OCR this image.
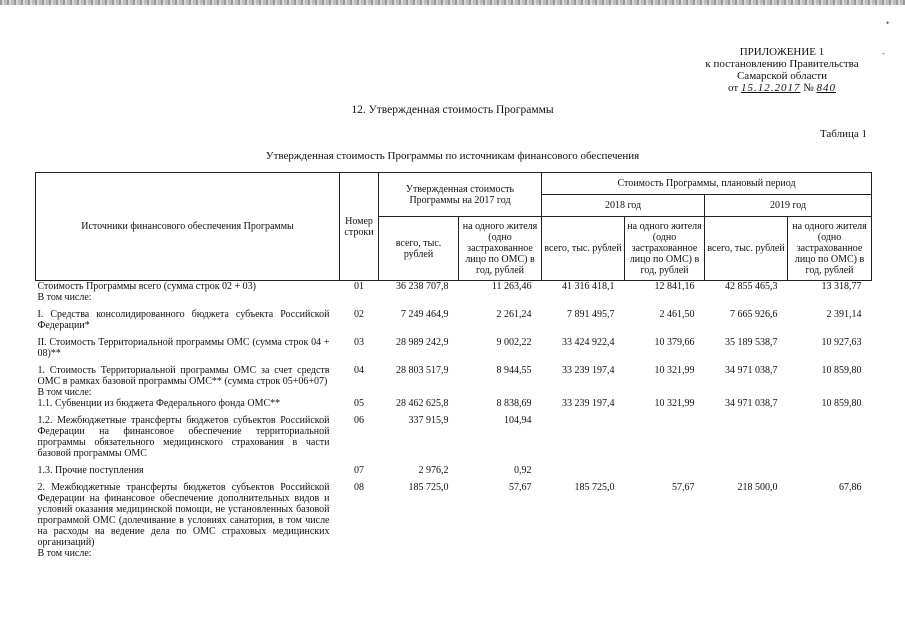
•
-
ПРИЛОЖЕНИЕ 1
к постановлению Правительства
Самарской области
от 15.12.2017 № 840
12. Утвержденная стоимость Программы
Таблица 1
Утвержденная стоимость Программы по источникам финансового обеспечения
Источники финансового обеспечения Программы	Номер строки	Утвержденная стоимость Программы на 2017 год		Стоимость Программы, плановый период			
				2018 год		2019 год	
		всего, тыс. рублей	на одного жителя (одно застрахованное лицо по ОМС) в год, рублей	всего, тыс. рублей	на одного жителя (одно застрахованное лицо по ОМС) в год, рублей	всего, тыс. рублей	на одного жителя (одно застрахованное лицо по ОМС) в год, рублей
Стоимость Программы всего (сумма строк 02 + 03)
В том числе:	01	36 238 707,8	11 263,46	41 316 418,1	12 841,16	42 855 465,3	13 318,77
I. Средства консолидированного бюджета субъекта Российской Федерации*	02	7 249 464,9	2 261,24	7 891 495,7	2 461,50	7 665 926,6	2 391,14
II. Стоимость Территориальной программы ОМС (сумма строк 04 + 08)**	03	28 989 242,9	9 002,22	33 424 922,4	10 379,66	35 189 538,7	10 927,63
1. Стоимость Территориальной программы ОМС за счет средств ОМС в рамках базовой программы ОМС** (сумма строк 05+06+07)
В том числе:	04	28 803 517,9	8 944,55	33 239 197,4	10 321,99	34 971 038,7	10 859,80
1.1. Субвенции из бюджета Федерального фонда ОМС**	05	28 462 625,8	8 838,69	33 239 197,4	10 321,99	34 971 038,7	10 859,80
1.2. Межбюджетные трансферты бюджетов субъектов Российской Федерации на финансовое обеспечение территориальной программы обязательного медицинского страхования в части базовой программы ОМС	06	337 915,9	104,94				
1.3. Прочие поступления	07	2 976,2	0,92				
2. Межбюджетные трансферты бюджетов субъектов Российской Федерации на финансовое обеспечение дополнительных видов и условий оказания медицинской помощи, не установленных базовой программой ОМС (долечивание в условиях санатория, в том числе на расходы на ведение дела по ОМС страховых медицинских организаций)
В том числе:	08	185 725,0	57,67	185 725,0	57,67	218 500,0	67,86
